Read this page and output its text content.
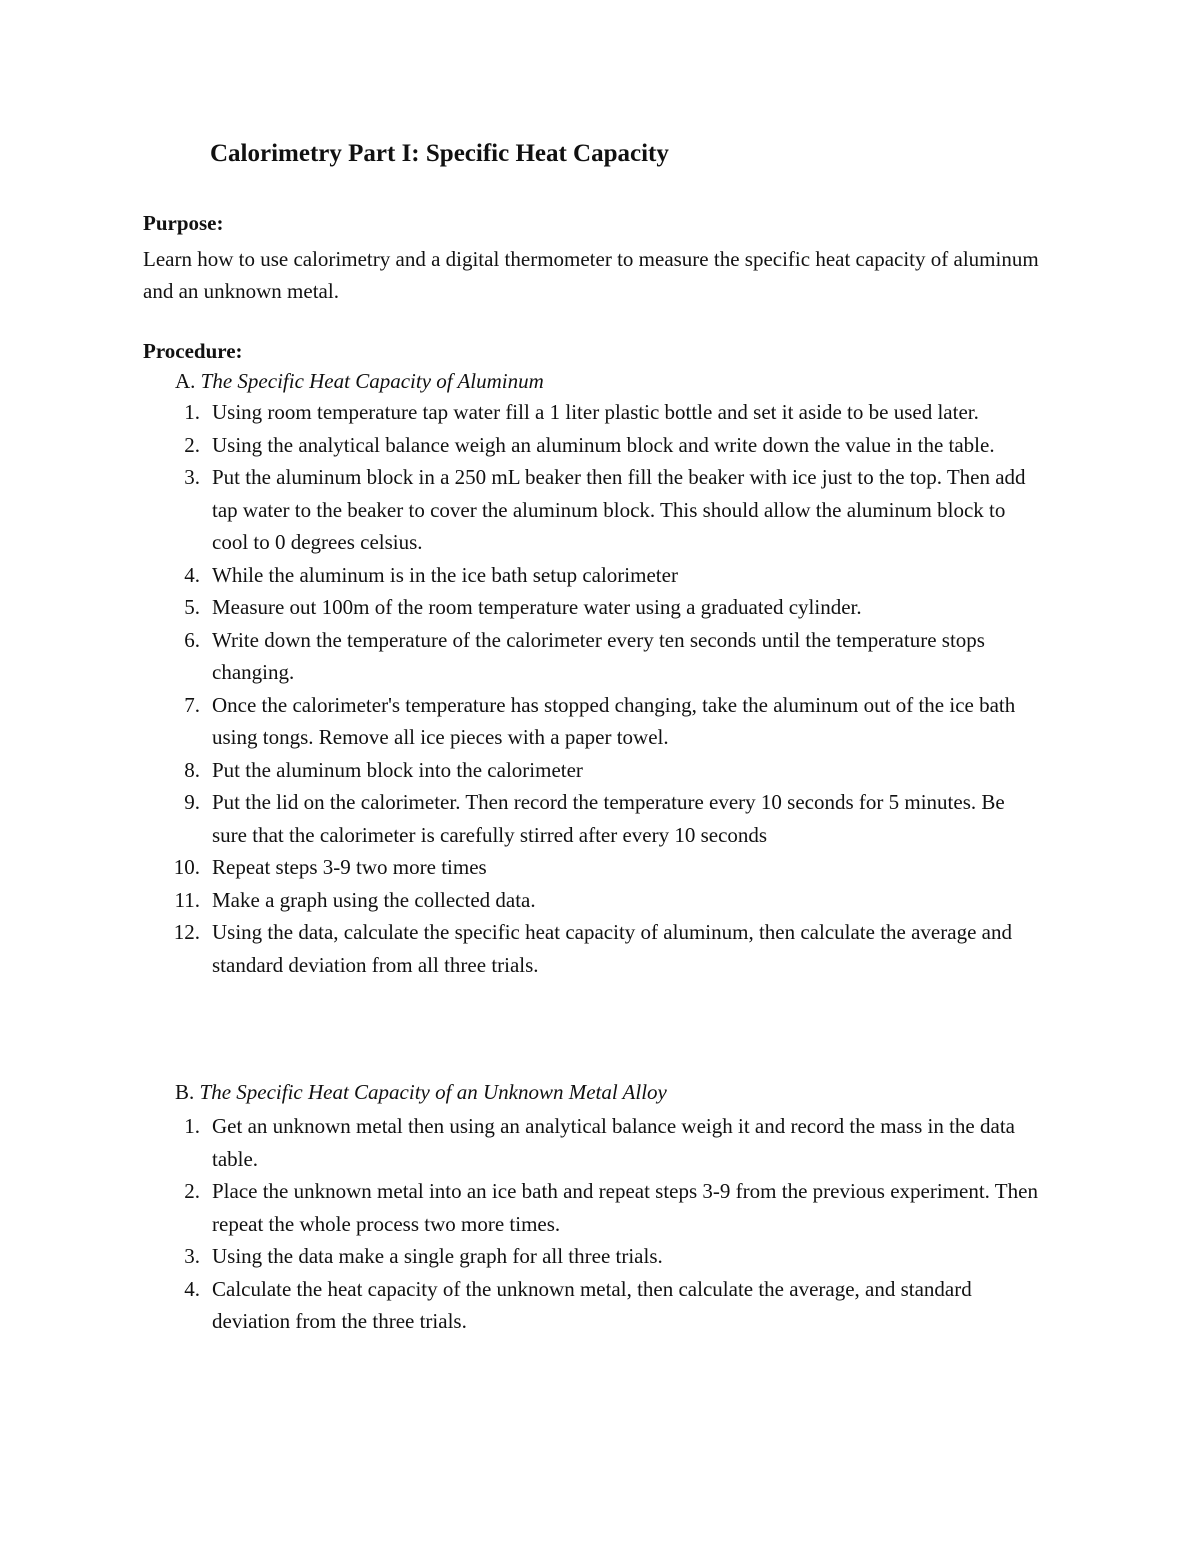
Calorimetry Part I: Specific Heat Capacity
Purpose:
Learn how to use calorimetry and a digital thermometer to measure the specific heat capacity of aluminum and an unknown metal.
Procedure:
A. The Specific Heat Capacity of Aluminum
1. Using room temperature tap water fill a 1 liter plastic bottle and set it aside to be used later.
2. Using the analytical balance weigh an aluminum block and write down the value in the table.
3. Put the aluminum block in a 250 mL beaker then fill the beaker with ice just to the top. Then add tap water to the beaker to cover the aluminum block. This should allow the aluminum block to cool to 0 degrees celsius.
4. While the aluminum is in the ice bath setup calorimeter
5. Measure out 100m of the room temperature water using a graduated cylinder.
6. Write down the temperature of the calorimeter every ten seconds until the temperature stops changing.
7. Once the calorimeter's temperature has stopped changing, take the aluminum out of the ice bath using tongs. Remove all ice pieces with a paper towel.
8. Put the aluminum block into the calorimeter
9. Put the lid on the calorimeter. Then record the temperature every 10 seconds for 5 minutes. Be sure that the calorimeter is carefully stirred after every 10 seconds
10. Repeat steps 3-9 two more times
11. Make a graph using the collected data.
12. Using the data, calculate the specific heat capacity of aluminum, then calculate the average and standard deviation from all three trials.
B. The Specific Heat Capacity of an Unknown Metal Alloy
1. Get an unknown metal then using an analytical balance weigh it and record the mass in the data table.
2. Place the unknown metal into an ice bath and repeat steps 3-9 from the previous experiment. Then repeat the whole process two more times.
3. Using the data make a single graph for all three trials.
4. Calculate the heat capacity of the unknown metal, then calculate the average, and standard deviation from the three trials.
